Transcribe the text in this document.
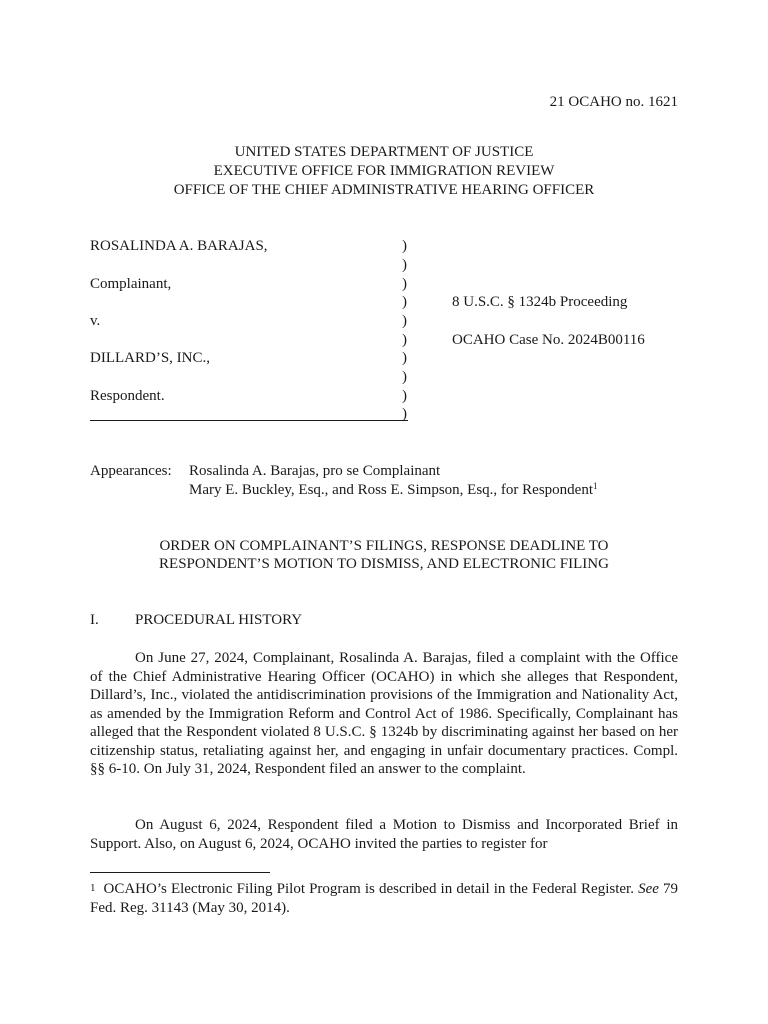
21 OCAHO no. 1621
UNITED STATES DEPARTMENT OF JUSTICE
EXECUTIVE OFFICE FOR IMMIGRATION REVIEW
OFFICE OF THE CHIEF ADMINISTRATIVE HEARING OFFICER
ROSALINDA A. BARAJAS,
Complainant,
v.
DILLARD’S, INC.,
Respondent.
)
)
)
)
)
)
)
)
)
)
8 U.S.C. § 1324b Proceeding
OCAHO Case No. 2024B00116
Appearances: Rosalinda A. Barajas, pro se Complainant
Mary E. Buckley, Esq., and Ross E. Simpson, Esq., for Respondent$^1$
ORDER ON COMPLAINANT’S FILINGS, RESPONSE DEADLINE TO
RESPONDENT’S MOTION TO DISMISS, AND ELECTRONIC FILING
I. PROCEDURAL HISTORY

On June 27, 2024, Complainant, Rosalinda A. Barajas, filed a complaint with the Office of the Chief Administrative Hearing Officer (OCAHO) in which she alleges that Respondent, Dillard’s, Inc., violated the antidiscrimination provisions of the Immigration and Nationality Act, as amended by the Immigration Reform and Control Act of 1986. Specifically, Complainant has alleged that the Respondent violated 8 U.S.C. § 1324b by discriminating against her based on her citizenship status, retaliating against her, and engaging in unfair documentary practices. Compl. §§ 6-10. On July 31, 2024, Respondent filed an answer to the complaint.

On August 6, 2024, Respondent filed a Motion to Dismiss and Incorporated Brief in Support. Also, on August 6, 2024, OCAHO invited the parties to register for

1 OCAHO’s Electronic Filing Pilot Program is described in detail in the Federal Register. See 79 Fed. Reg. 31143 (May 30, 2014).
